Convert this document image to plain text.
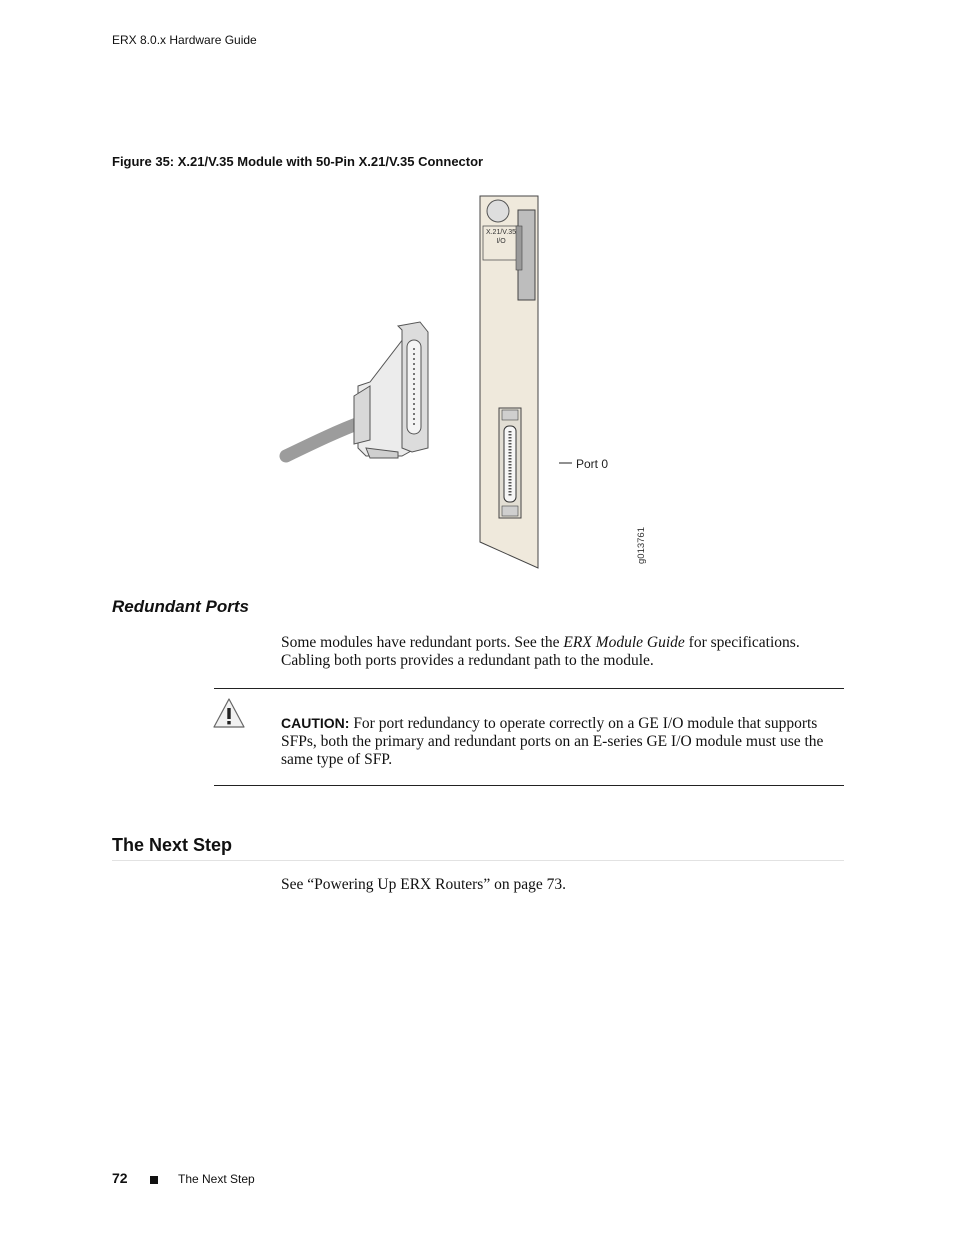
ERX 8.0.x Hardware Guide
Figure 35: X.21/V.35 Module with 50-Pin X.21/V.35 Connector
X.21/V.35
I/O
Port 0
g013761
Redundant Ports
Some modules have redundant ports. See the ERX Module Guide for specifications. Cabling both ports provides a redundant path to the module.
CAUTION: For port redundancy to operate correctly on a GE I/O module that supports SFPs, both the primary and redundant ports on an E-series GE I/O module must use the same type of SFP.
The Next Step
See “Powering Up ERX Routers” on page 73.
72	The Next Step
